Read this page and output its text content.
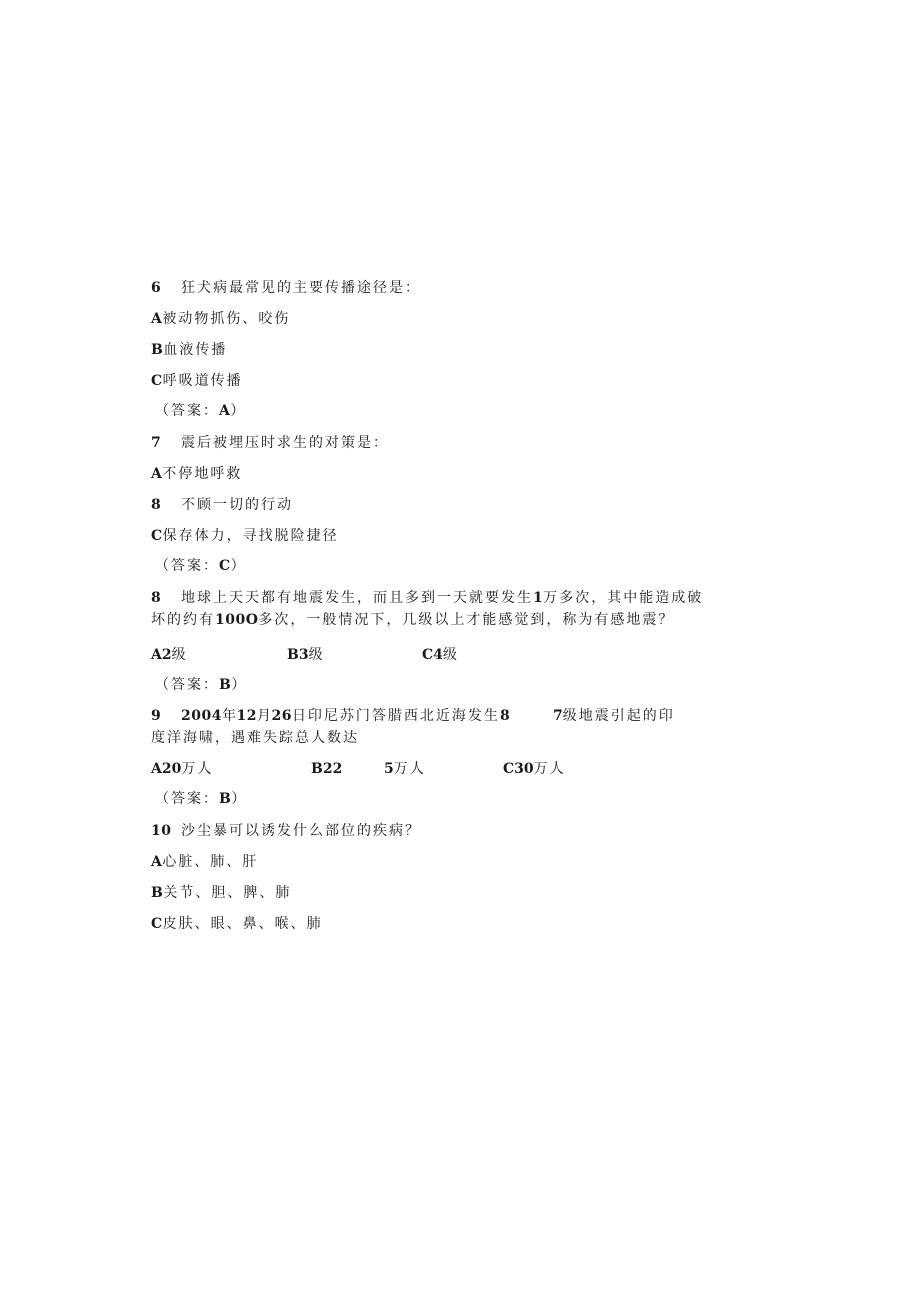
6 狂犬病最常见的主要传播途径是：
A被动物抓伤、咬伤
B血液传播
C呼吸道传播
（答案：A）
7 震后被埋压时求生的对策是：
A不停地呼救
8 不顾一切的行动
C保存体力，寻找脱险捷径
（答案：C）
8 地球上天天都有地震发生，而且多到一天就要发生1万多次，其中能造成破
坏的约有100O多次，一般情况下，几级以上才能感觉到，称为有感地震？
A2级	B3级	C4级
（答案：B）
9 2004年12月26日印尼苏门答腊西北近海发生8	7级地震引起的印
度洋海啸，遇难失踪总人数达
A20万人	B22	5万人	C30万人
（答案：B）
10 沙尘暴可以诱发什么部位的疾病？
A心脏、肺、肝
B关节、胆、脾、肺
C皮肤、眼、鼻、喉、肺
